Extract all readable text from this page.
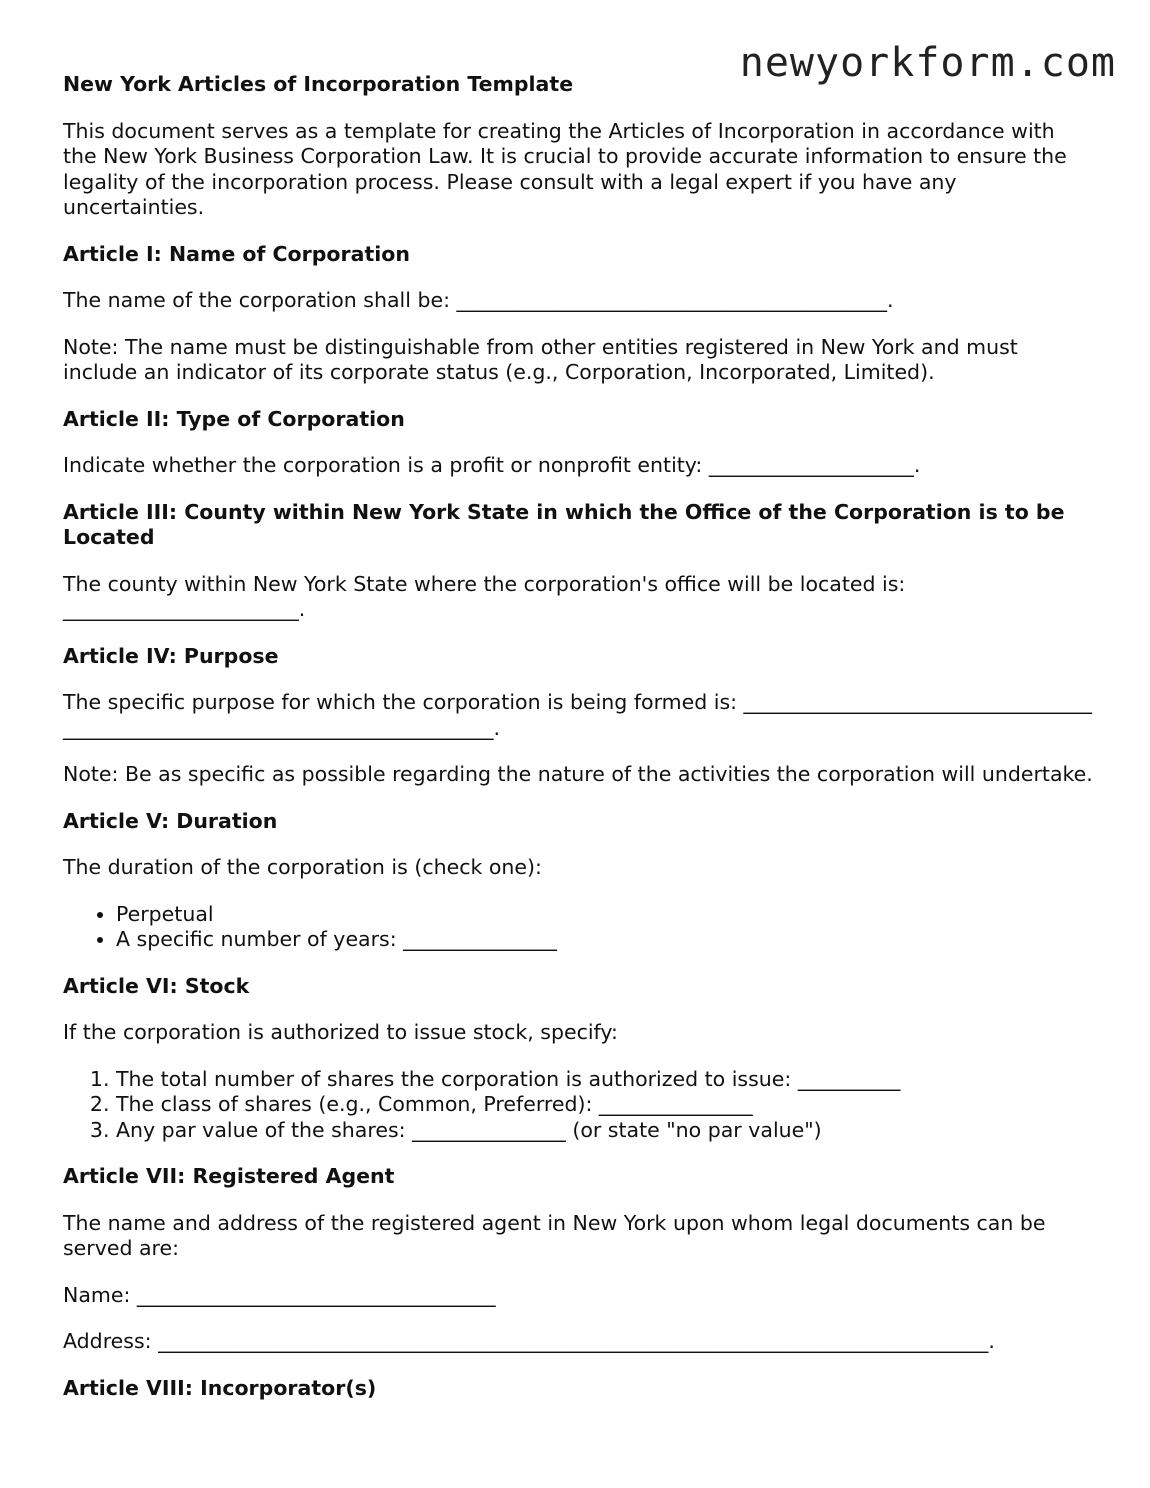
newyorkform.com
New York Articles of Incorporation Template

This document serves as a template for creating the Articles of Incorporation in accordance with the New York Business Corporation Law. It is crucial to provide accurate information to ensure the legality of the incorporation process. Please consult with a legal expert if you have any uncertainties.

Article I: Name of Corporation

The name of the corporation shall be: __________________________________________.

Note: The name must be distinguishable from other entities registered in New York and must include an indicator of its corporate status (e.g., Corporation, Incorporated, Limited).

Article II: Type of Corporation

Indicate whether the corporation is a profit or nonprofit entity: ____________________.

Article III: County within New York State in which the Office of the Corporation is to be Located

The county within New York State where the corporation's office will be located is: _______________________.

Article IV: Purpose

The specific purpose for which the corporation is being formed is: ____________________________________________________________________________.

Note: Be as specific as possible regarding the nature of the activities the corporation will undertake.

Article V: Duration

The duration of the corporation is (check one):

• Perpetual
• A specific number of years: _______________
Article VI: Stock

If the corporation is authorized to issue stock, specify:

1. The total number of shares the corporation is authorized to issue: __________
2. The class of shares (e.g., Common, Preferred): _______________
3. Any par value of the shares: _______________ (or state "no par value")
Article VII: Registered Agent

The name and address of the registered agent in New York upon whom legal documents can be served are:

Name: ___________________________________

Address: _________________________________________________________________________________.

Article VIII: Incorporator(s)
